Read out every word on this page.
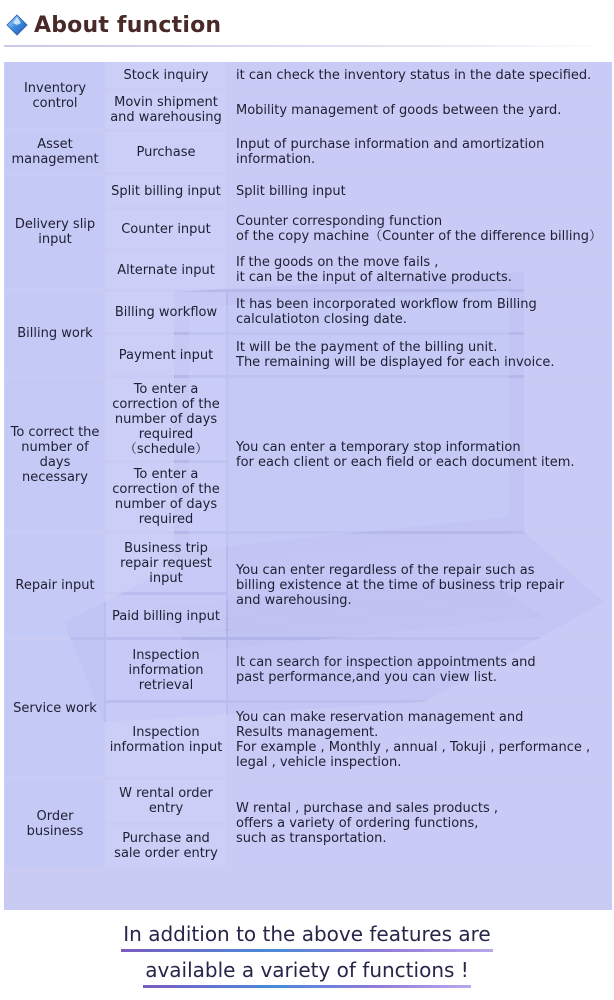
About function
Inventory control	Stock inquiry	it can check the inventory status in the date specified.
	Movin shipment and warehousing	Mobility management of goods between the yard.
Asset management	Purchase	Input of purchase information and amortization information.
Delivery slip input	Split billing input	Split billing input
	Counter input	Counter corresponding function
of the copy machine（Counter of the difference billing）

	Alternate input	If the goods on the move fails ,
it can be the input of alternative products.

Billing work	Billing workflow	It has been incorporated workflow from Billing
calculatioton closing date.

	Payment input	It will be the payment of the billing unit.
The remaining will be displayed for each invoice.

To correct the number of days necessary	To enter a correction of the number of days required （schedule）	You can enter a temporary stop information
for each client or each field or each document item.

	To enter a correction of the number of days required	
Repair input	Business trip repair request input	You can enter regardless of the repair such as
billing existence at the time of business trip repair
and warehousing.

	Paid billing input	
Service work	Inspection information retrieval	It can search for inspection appointments and
past performance,and you can view list.

	Inspection information input	You can make reservation management and
Results management.
For example , Monthly , annual , Tokuji , performance ,
legal , vehicle inspection.

Order business	W rental order entry	W rental , purchase and sales products ,
offers a variety of ordering functions,
such as transportation.

	Purchase and sale order entry	
In addition to the above features are
available a variety of functions !
